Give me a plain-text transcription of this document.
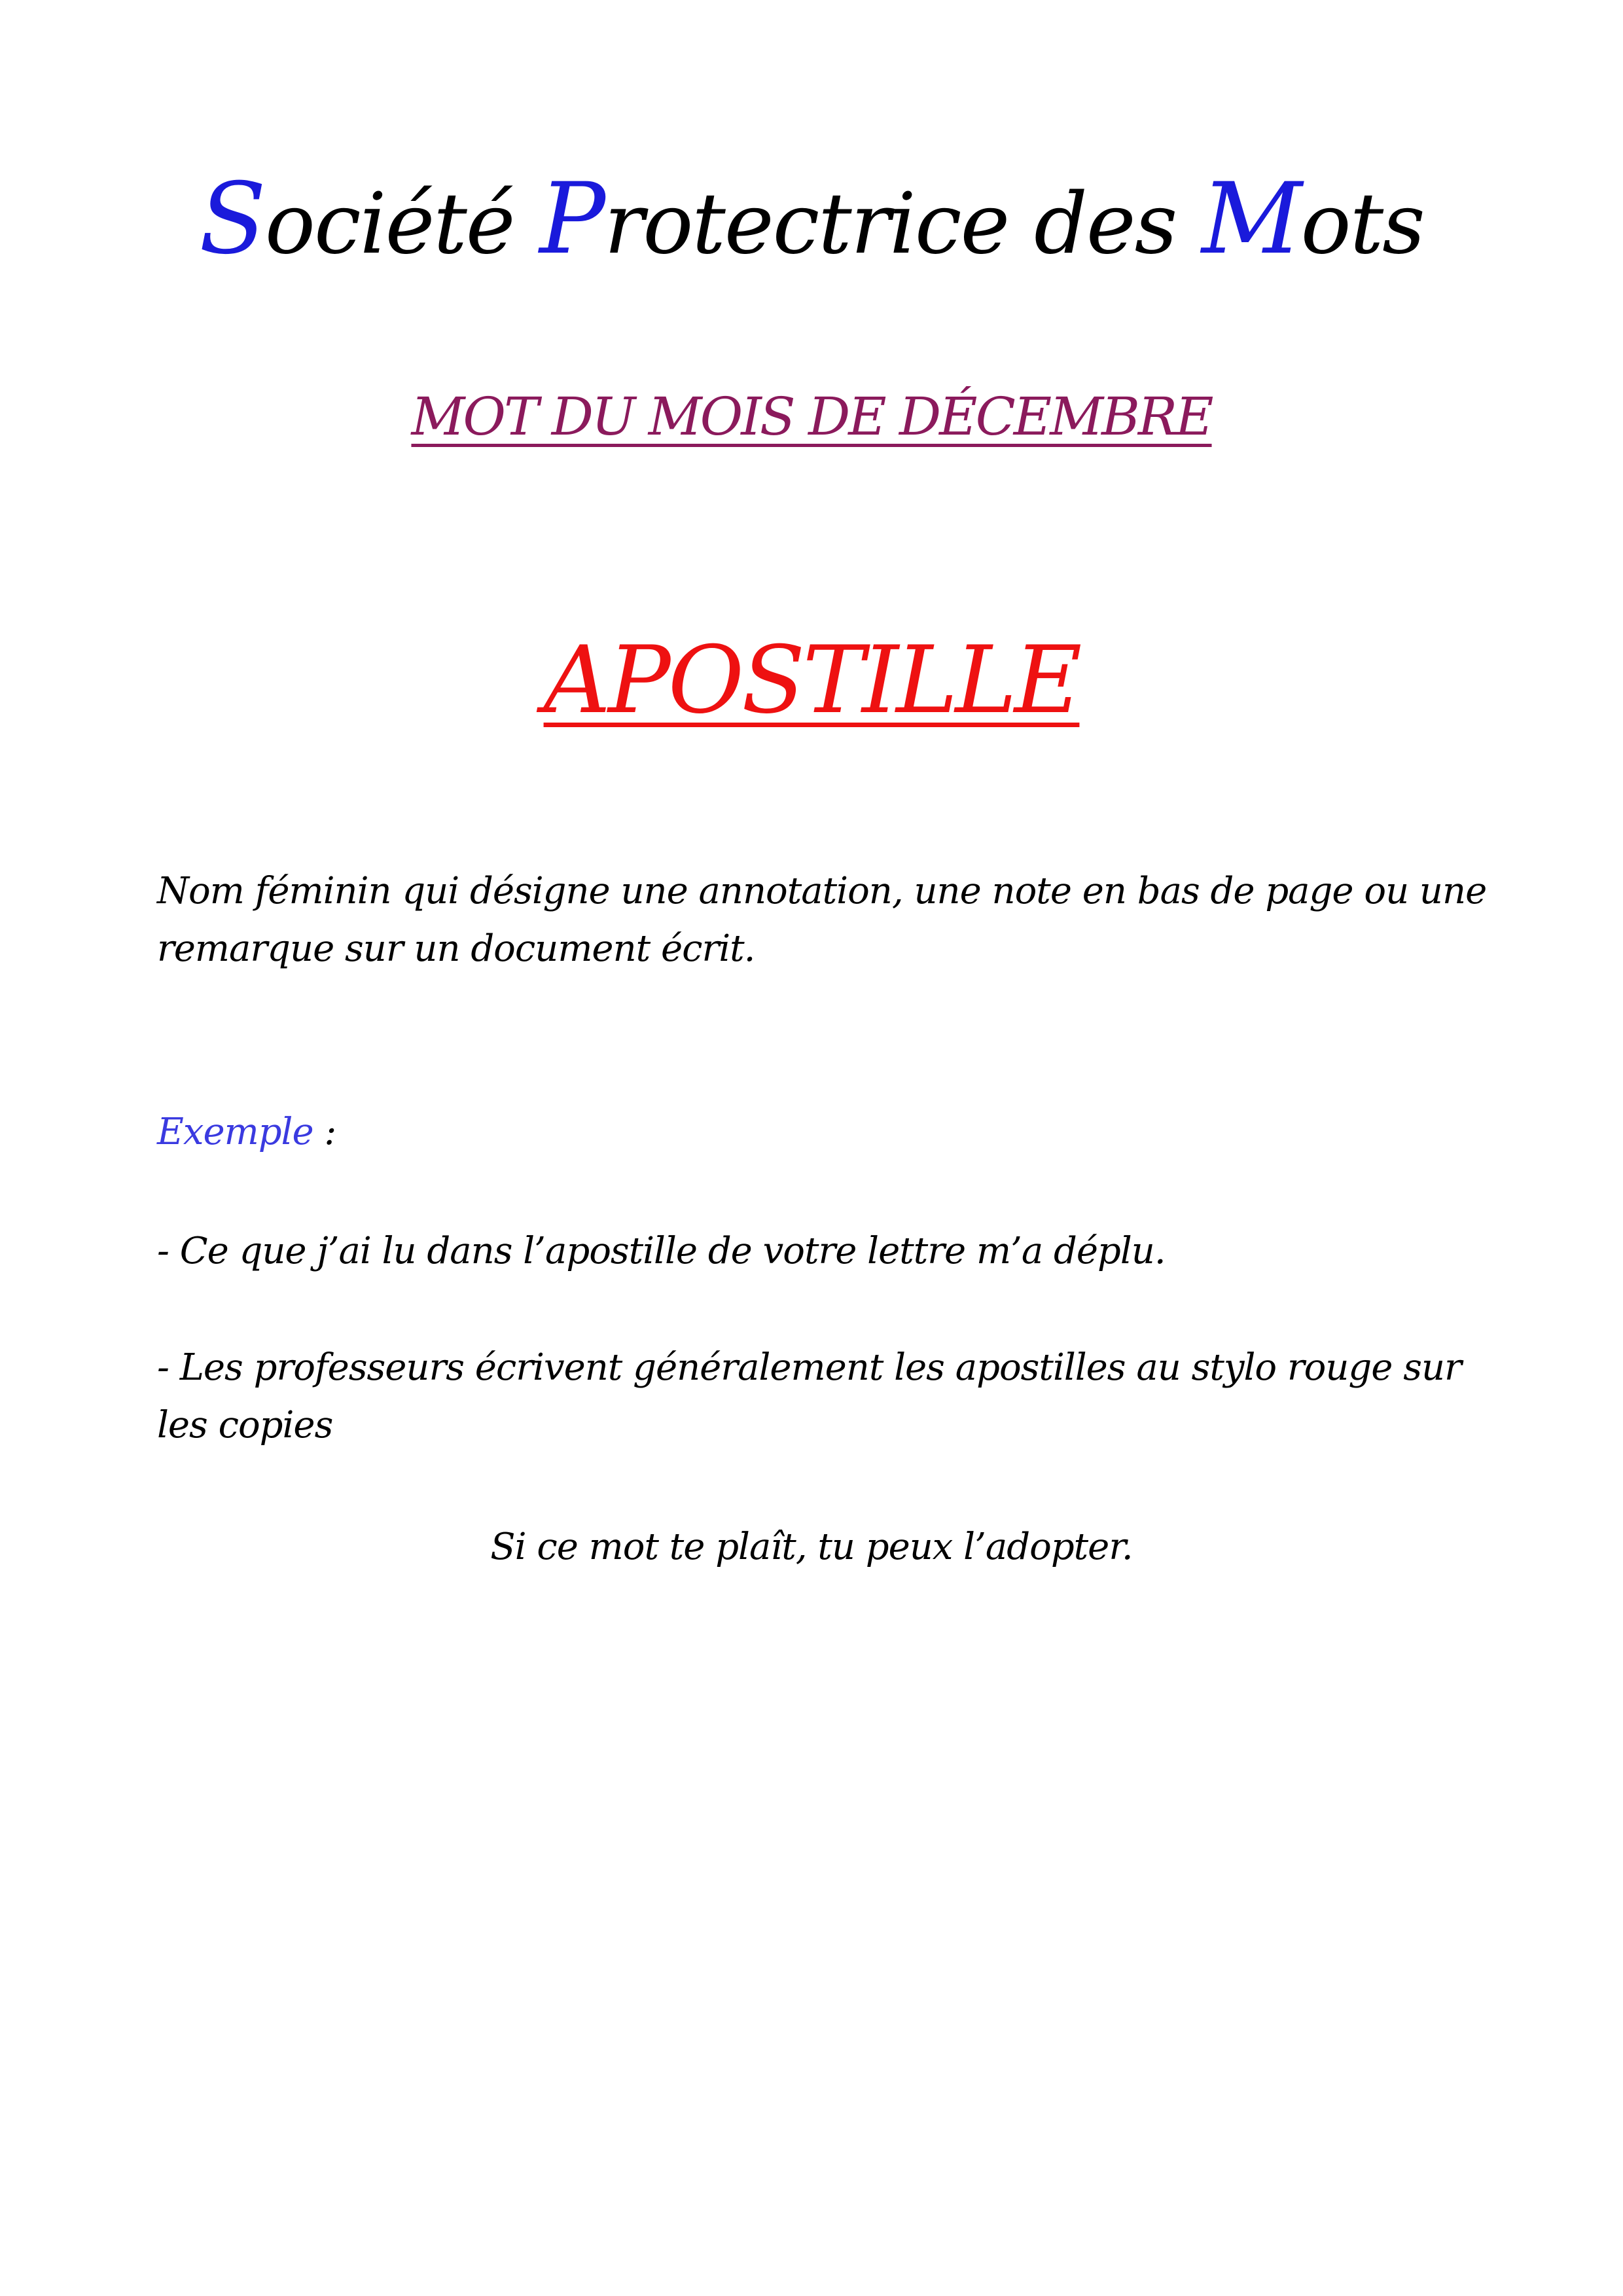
Société Protectrice des Mots
MOT DU MOIS DE DÉCEMBRE
APOSTILLE
Nom féminin qui désigne une annotation, une note en bas de page ou une remarque sur un document écrit.
Exemple :
- Ce que j’ai lu dans l’apostille de votre lettre m’a déplu.
- Les professeurs écrivent généralement les apostilles au stylo rouge sur les copies
Si ce mot te plaît, tu peux l’adopter.
